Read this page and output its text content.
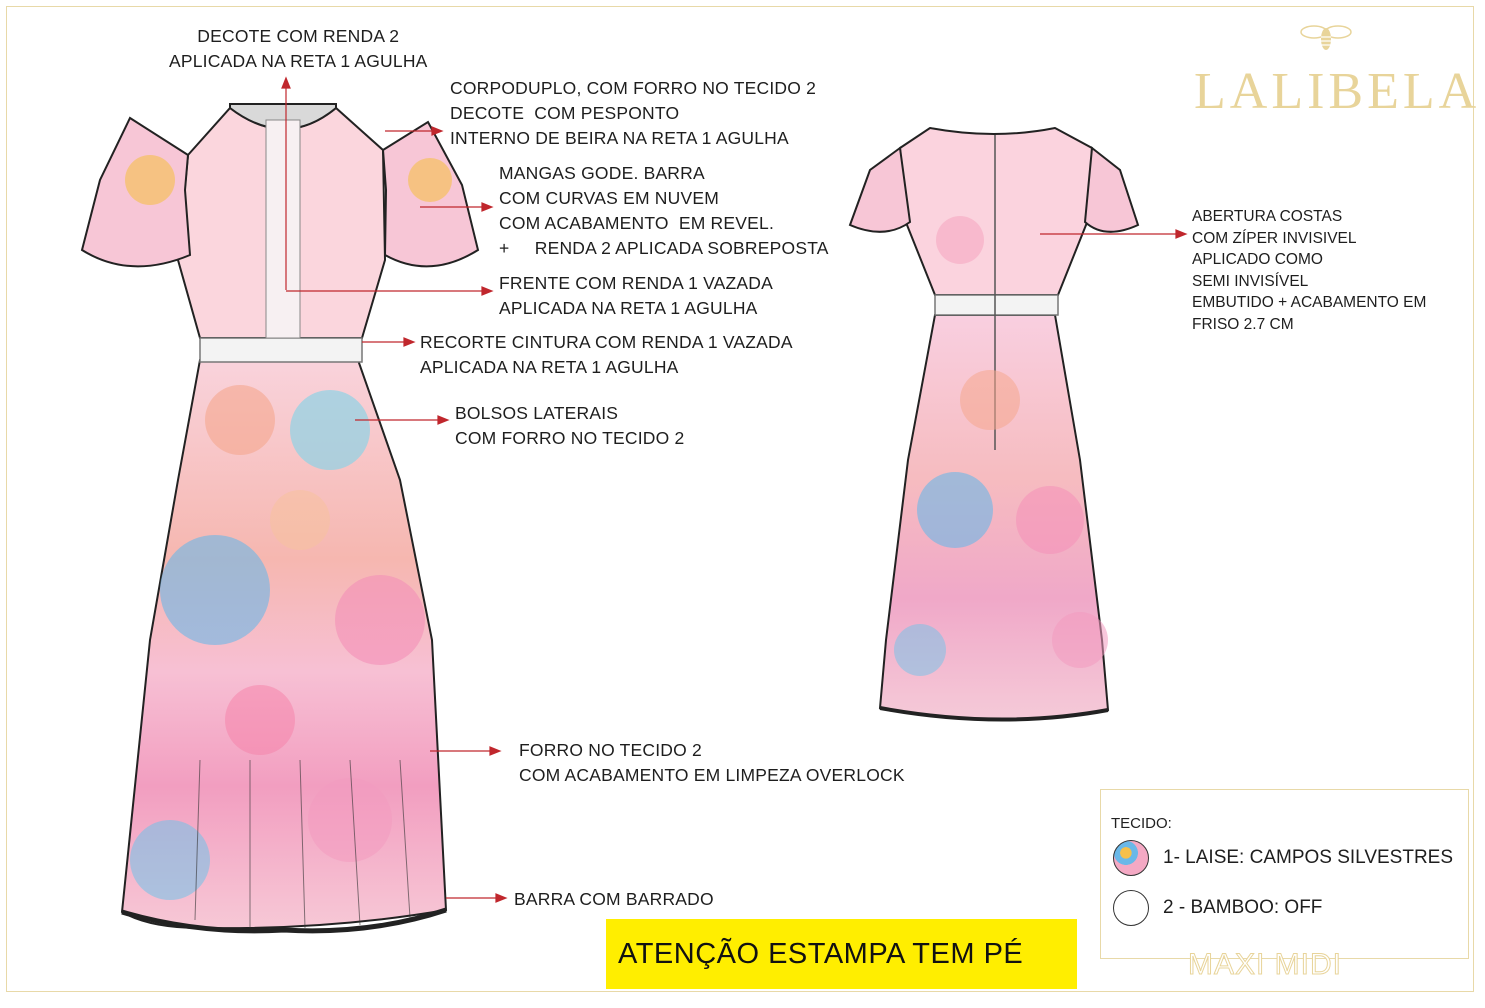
LALIBELA
DECOTE COM RENDA 2
APLICADA NA RETA 1 AGULHA
CORPODUPLO, COM FORRO NO TECIDO 2
DECOTE  COM PESPONTO
INTERNO DE BEIRA NA RETA 1 AGULHA
MANGAS GODE. BARRA
COM CURVAS EM NUVEM
COM ACABAMENTO  EM REVEL.
+     RENDA 2 APLICADA SOBREPOSTA
FRENTE COM RENDA 1 VAZADA
APLICADA NA RETA 1 AGULHA
RECORTE CINTURA COM RENDA 1 VAZADA
APLICADA NA RETA 1 AGULHA
BOLSOS LATERAIS
COM FORRO NO TECIDO 2
FORRO NO TECIDO 2
COM ACABAMENTO EM LIMPEZA OVERLOCK
BARRA COM BARRADO
ABERTURA COSTAS
COM ZÍPER INVISIVEL
APLICADO COMO
SEMI INVISÍVEL
EMBUTIDO + ACABAMENTO EM
FRISO 2.7 CM
TECIDO:
1- LAISE: CAMPOS SILVESTRES
2 - BAMBOO: OFF
ATENÇÃO ESTAMPA TEM PÉ	MAXI MIDI
